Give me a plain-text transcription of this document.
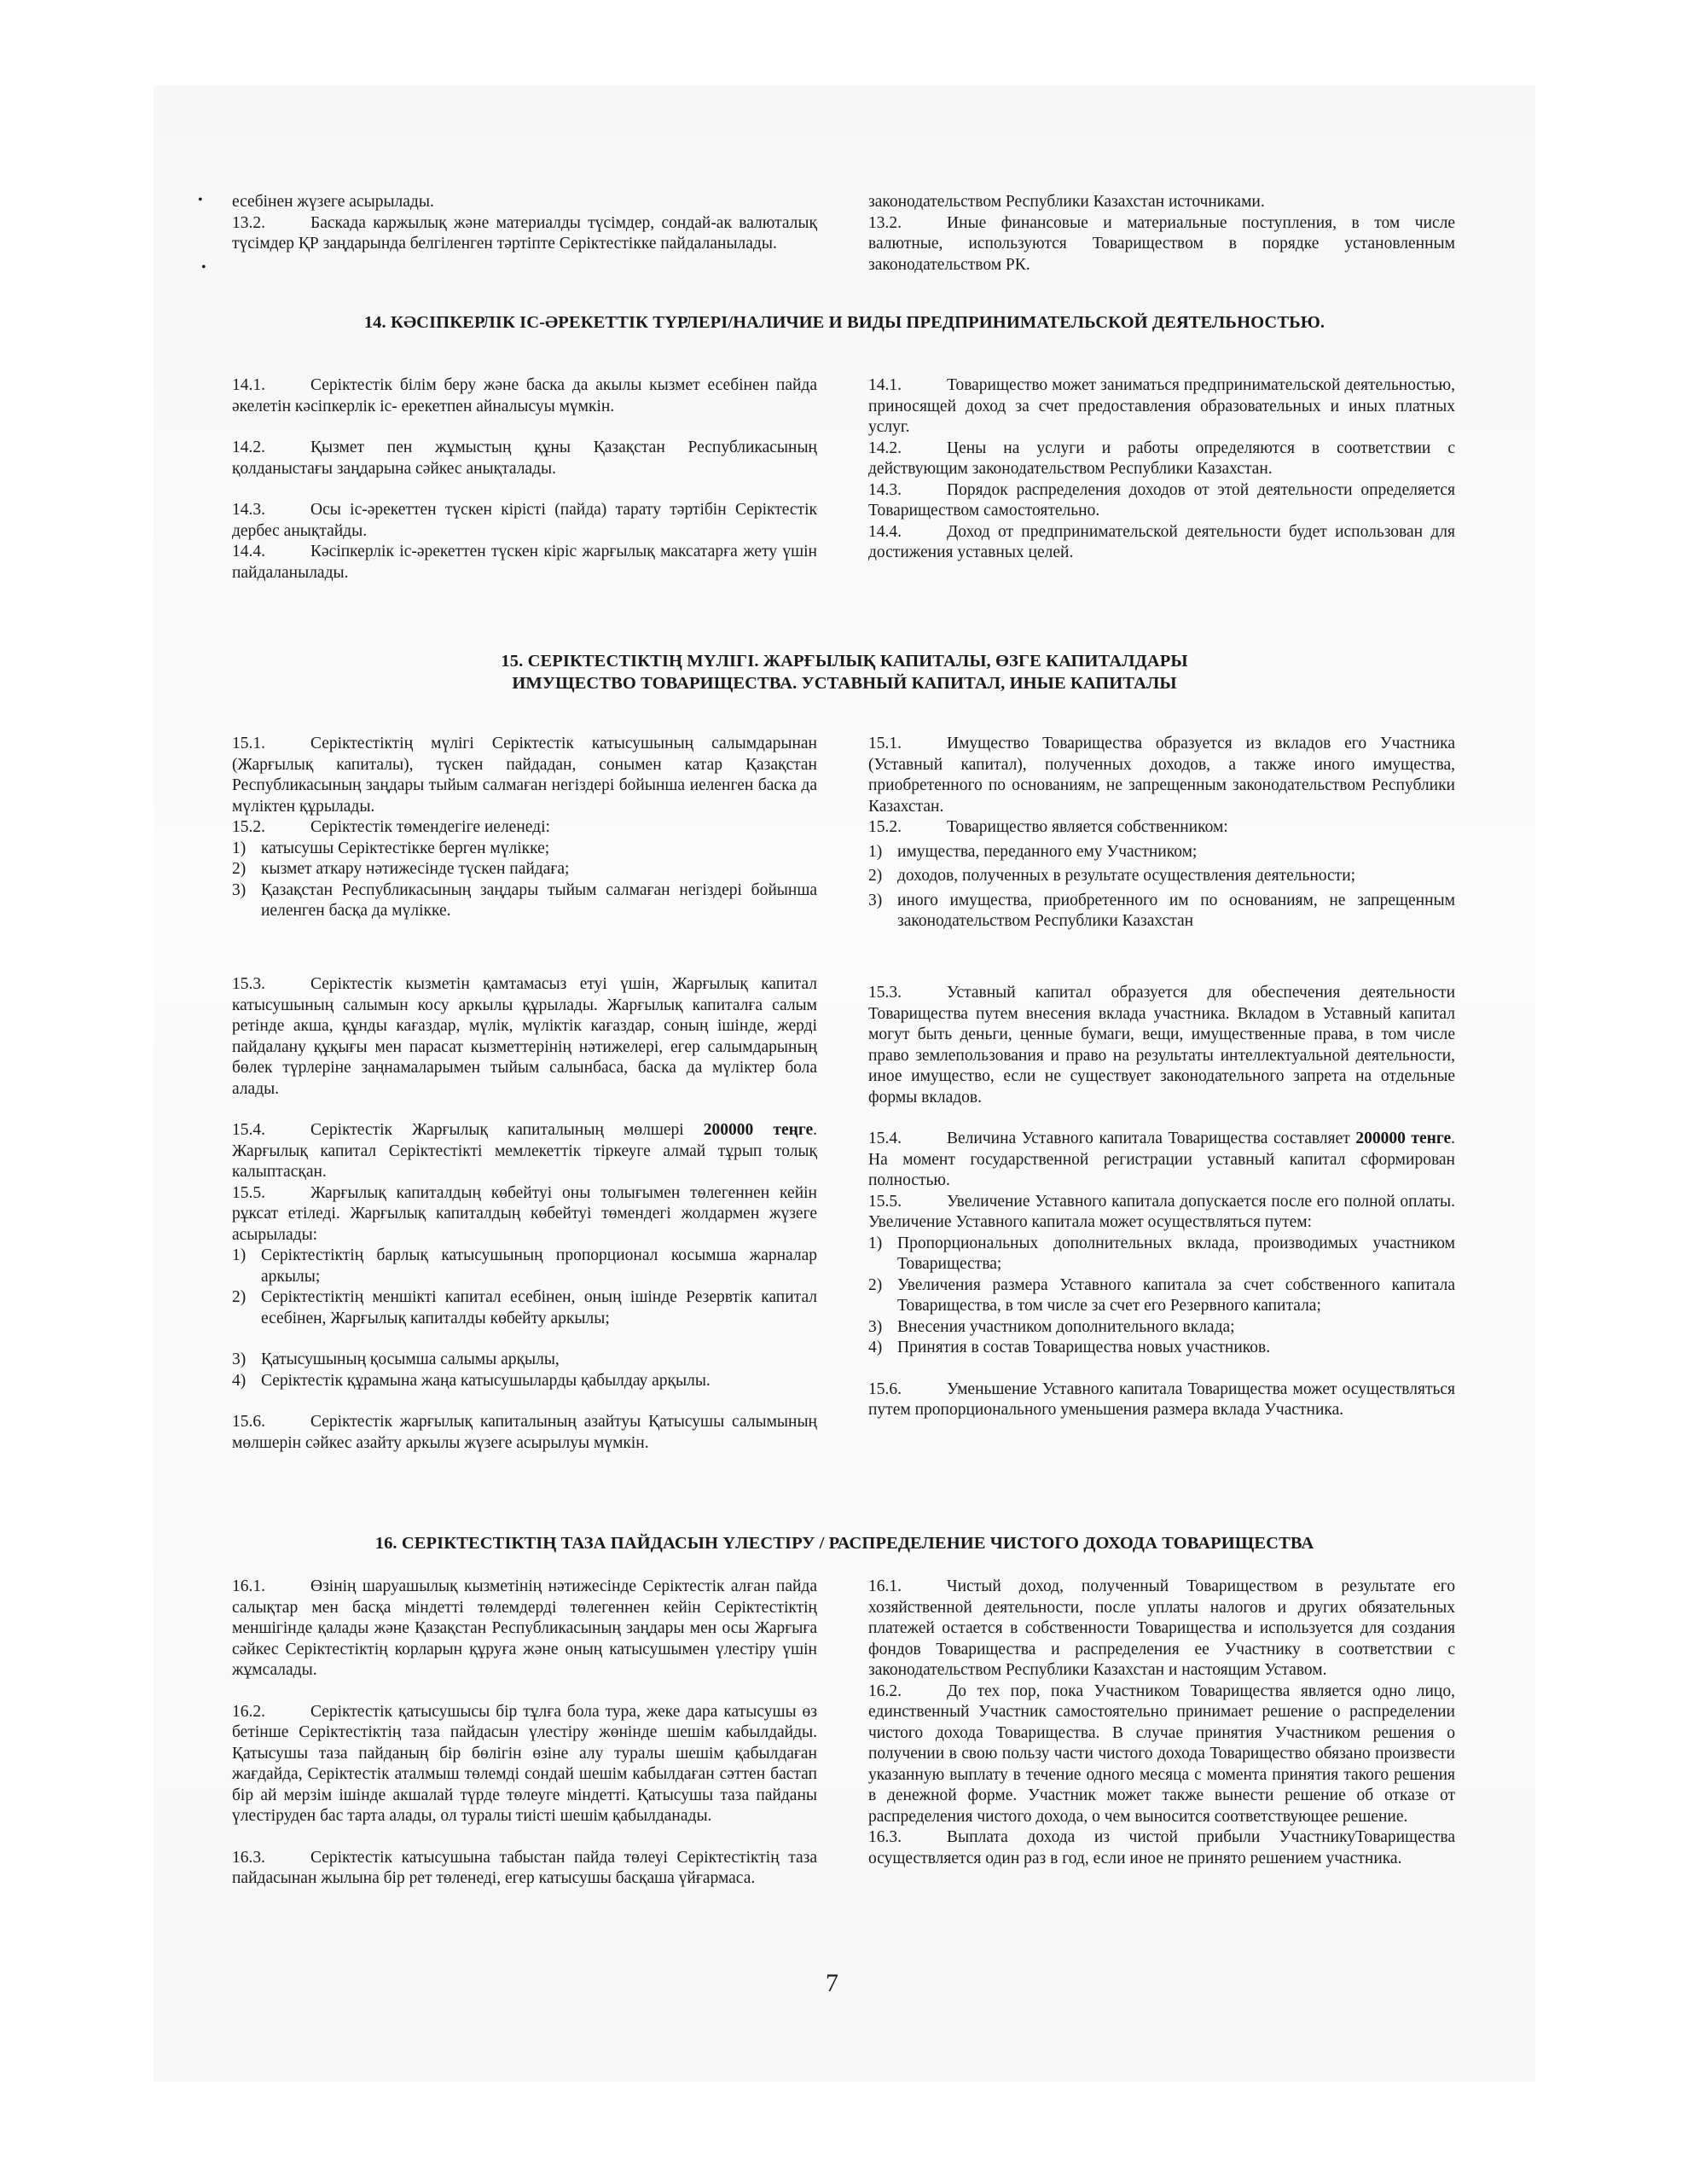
•
•

есебінен жүзеге асырылады.

13.2.	Баскада каржылық және материалды түсімдер, сондай-ак валюталық түсімдер ҚР заңдарында белгіленген тәртіпте Серіктестікке пайдаланылады.

законодательством Республики Казахстан источниками.

13.2.	Иные финансовые и материальные поступления, в том числе валютные, используются Товариществом в порядке установленным законодательством РК.

14. КӘСІПКЕРЛІК ІС-ӘРЕКЕТТІК ТҮРЛЕРІ/НАЛИЧИЕ И ВИДЫ ПРЕДПРИНИМАТЕЛЬСКОЙ ДЕЯТЕЛЬНОСТЬЮ.

14.1.	Серіктестік білім беру және баска да акылы кызмет есебінен пайда әкелетін кәсіпкерлік іс- ерекетпен айналысуы мүмкін.

14.2.	Қызмет пен жұмыстың құны Қазақстан Республикасының қолданыстағы заңдарына сәйкес анықталады.

14.3.	Осы іс-әрекеттен түскен кірісті (пайда) тарату тәртібін Серіктестік дербес анықтайды.

14.4.	Кәсіпкерлік іс-әрекеттен түскен кіріс жарғылық максатарға жету үшін пайдаланылады.

14.1.	Товарищество может заниматься предпринимательской деятельностью, приносящей доход за счет предоставления образовательных и иных платных услуг.

14.2.	Цены на услуги и работы определяются в соответствии с действующим законодательством Республики Казахстан.

14.3.	Порядок распределения доходов от этой деятельности определяется Товариществом самостоятельно.

14.4.	Доход от предпринимательской деятельности будет использован для достижения уставных целей.

15. СЕРІКТЕСТІКТІҢ МҮЛІГІ. ЖАРҒЫЛЫҚ КАПИТАЛЫ, ӨЗГЕ КАПИТАЛДАРЫ
ИМУЩЕСТВО ТОВАРИЩЕСТВА. УСТАВНЫЙ КАПИТАЛ, ИНЫЕ КАПИТАЛЫ

15.1.	Серіктестіктің мүлігі Серіктестік катысушының салымдарынан (Жарғылық капиталы), түскен пайдадан, сонымен катар Қазақстан Республикасының заңдары тыйым салмаған негіздері бойынша иеленген баска да мүліктен құрылады.

15.2.	Серіктестік төмендегіге иеленеді:

1) катысушы Серіктестікке берген мүлікке;
2) кызмет аткару нәтижесінде түскен пайдаға;
3) Қазақстан Республикасының заңдары тыйым салмаған негіздері бойынша иеленген басқа да мүлікке.

15.3.	Серіктестік кызметін қамтамасыз етуі үшін, Жарғылық капитал катысушының салымын косу аркылы құрылады. Жарғылық капиталға салым ретінде акша, құнды кағаздар, мүлік, мүліктік кағаздар, соның ішінде, жерді пайдалану құқығы мен парасат кызметтерінің нәтижелері, егер салымдарының бөлек түрлеріне заңнамаларымен тыйым салынбаса, баска да мүліктер бола алады.

15.4.	Серіктестік Жарғылық капиталының мөлшері 200000 теңге. Жарғылық капитал Серіктестікті мемлекеттік тіркеуге алмай тұрып толық калыптасқан.

15.5.	Жарғылық капиталдың көбейтуі оны толығымен төлегеннен кейін рұксат етіледі. Жарғылық капиталдың көбейтуі төмендегі жолдармен жүзеге асырылады:

1) Серіктестіктің барлық катысушының пропорционал косымша жарналар аркылы;
2) Серіктестіктің меншікті капитал есебінен, оның ішінде Резервтік капитал есебінен, Жарғылық капиталды көбейту аркылы;
3) Қатысушының қосымша салымы арқылы,
4) Серіктестік құрамына жаңа катысушыларды қабылдау арқылы.

15.6.	Серіктестік жарғылық капиталының азайтуы Қатысушы салымының мөлшерін сәйкес азайту аркылы жүзеге асырылуы мүмкін.

15.1.	Имущество Товарищества образуется из вкладов его Участника (Уставный капитал), полученных доходов, а также иного имущества, приобретенного по основаниям, не запрещенным законодательством Республики Казахстан.

15.2.	Товарищество является собственником:

1) имущества, переданного ему Участником;
2) доходов, полученных в результате осуществления деятельности;
3) иного имущества, приобретенного им по основаниям, не запрещенным законодательством Республики Казахстан

15.3.	Уставный капитал образуется для обеспечения деятельности Товарищества путем внесения вклада участника. Вкладом в Уставный капитал могут быть деньги, ценные бумаги, вещи, имущественные права, в том числе право землепользования и право на результаты интеллектуальной деятельности, иное имущество, если не существует законодательного запрета на отдельные формы вкладов.

15.4.	Величина Уставного капитала Товарищества составляет 200000 тенге. На момент государственной регистрации уставный капитал сформирован полностью.

15.5.	Увеличение Уставного капитала допускается после его полной оплаты. Увеличение Уставного капитала может осуществляться путем:

1) Пропорциональных дополнительных вклада, производимых участником Товарищества;
2) Увеличения размера Уставного капитала за счет собственного капитала Товарищества, в том числе за счет его Резервного капитала;
3) Внесения участником дополнительного вклада;
4) Принятия в состав Товарищества новых участников.

15.6.	Уменьшение Уставного капитала Товарищества может осуществляться путем пропорционального уменьшения размера вклада Участника.

16. СЕРІКТЕСТІКТІҢ ТАЗА ПАЙДАСЫН ҮЛЕСТІРУ / РАСПРЕДЕЛЕНИЕ ЧИСТОГО ДОХОДА ТОВАРИЩЕСТВА

16.1.	Өзінің шаруашылық кызметінің нәтижесінде Серіктестік алған пайда салықтар мен басқа міндетті төлемдерді төлегеннен кейін Серіктестіктің меншігінде қалады және Қазақстан Республикасының заңдары мен осы Жарғыға сәйкес Серіктестіктің корларын құруға және оның катысушымен үлестіру үшін жұмсалады.

16.2.	Серіктестік қатысушысы бір тұлға бола тура, жеке дара катысушы өз бетінше Серіктестіктің таза пайдасын үлестіру жөнінде шешім кабылдайды. Қатысушы таза пайданың бір бөлігін өзіне алу туралы шешім қабылдаған жағдайда, Серіктестік аталмыш төлемді сондай шешім кабылдаған сәттен бастап бір ай мерзім ішінде акшалай түрде төлеуге міндетті. Қатысушы таза пайданы үлестіруден бас тарта алады, ол туралы тиісті шешім қабылданады.

16.3.	Серіктестік катысушына табыстан пайда төлеуі Серіктестіктің таза пайдасынан жылына бір рет төленеді, егер катысушы басқаша үйғармаса.

16.1.	Чистый доход, полученный Товариществом в результате его хозяйственной деятельности, после уплаты налогов и других обязательных платежей остается в собственности Товарищества и используется для создания фондов Товарищества и распределения ее Участнику в соответствии с законодательством Республики Казахстан и настоящим Уставом.

16.2.	До тех пор, пока Участником Товарищества является одно лицо, единственный Участник самостоятельно принимает решение о распределении чистого дохода Товарищества. В случае принятия Участником решения о получении в свою пользу части чистого дохода Товарищество обязано произвести указанную выплату в течение одного месяца с момента принятия такого решения в денежной форме. Участник может также вынести решение об отказе от распределения чистого дохода, о чем выносится соответствующее решение.

16.3.	Выплата дохода из чистой прибыли УчастникуТоварищества осуществляется один раз в год, если иное не принято решением участника.

7
